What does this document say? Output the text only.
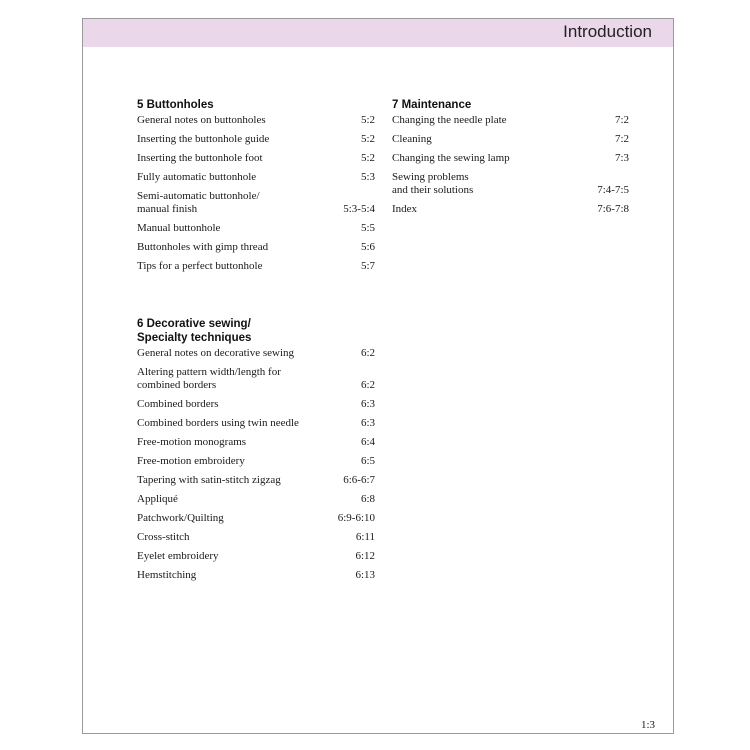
Introduction
5 Buttonholes
General notes on buttonholes	5:2
Inserting the buttonhole guide	5:2
Inserting the buttonhole foot	5:2
Fully automatic buttonhole	5:3
Semi-automatic buttonhole/
manual finish	5:3-5:4
Manual buttonhole	5:5
Buttonholes with gimp thread	5:6
Tips for a perfect buttonhole	5:7
6 Decorative sewing/
Specialty techniques
General notes on decorative sewing	6:2
Altering pattern width/length for
combined borders	6:2
Combined borders	6:3
Combined borders using twin needle	6:3
Free-motion monograms	6:4
Free-motion embroidery	6:5
Tapering with satin-stitch zigzag	6:6-6:7
Appliqué	6:8
Patchwork/Quilting	6:9-6:10
Cross-stitch	6:11
Eyelet embroidery	6:12
Hemstitching	6:13
7 Maintenance
Changing the needle plate	7:2
Cleaning	7:2
Changing the sewing lamp	7:3
Sewing problems
and their solutions	7:4-7:5
Index	7:6-7:8
1:3
